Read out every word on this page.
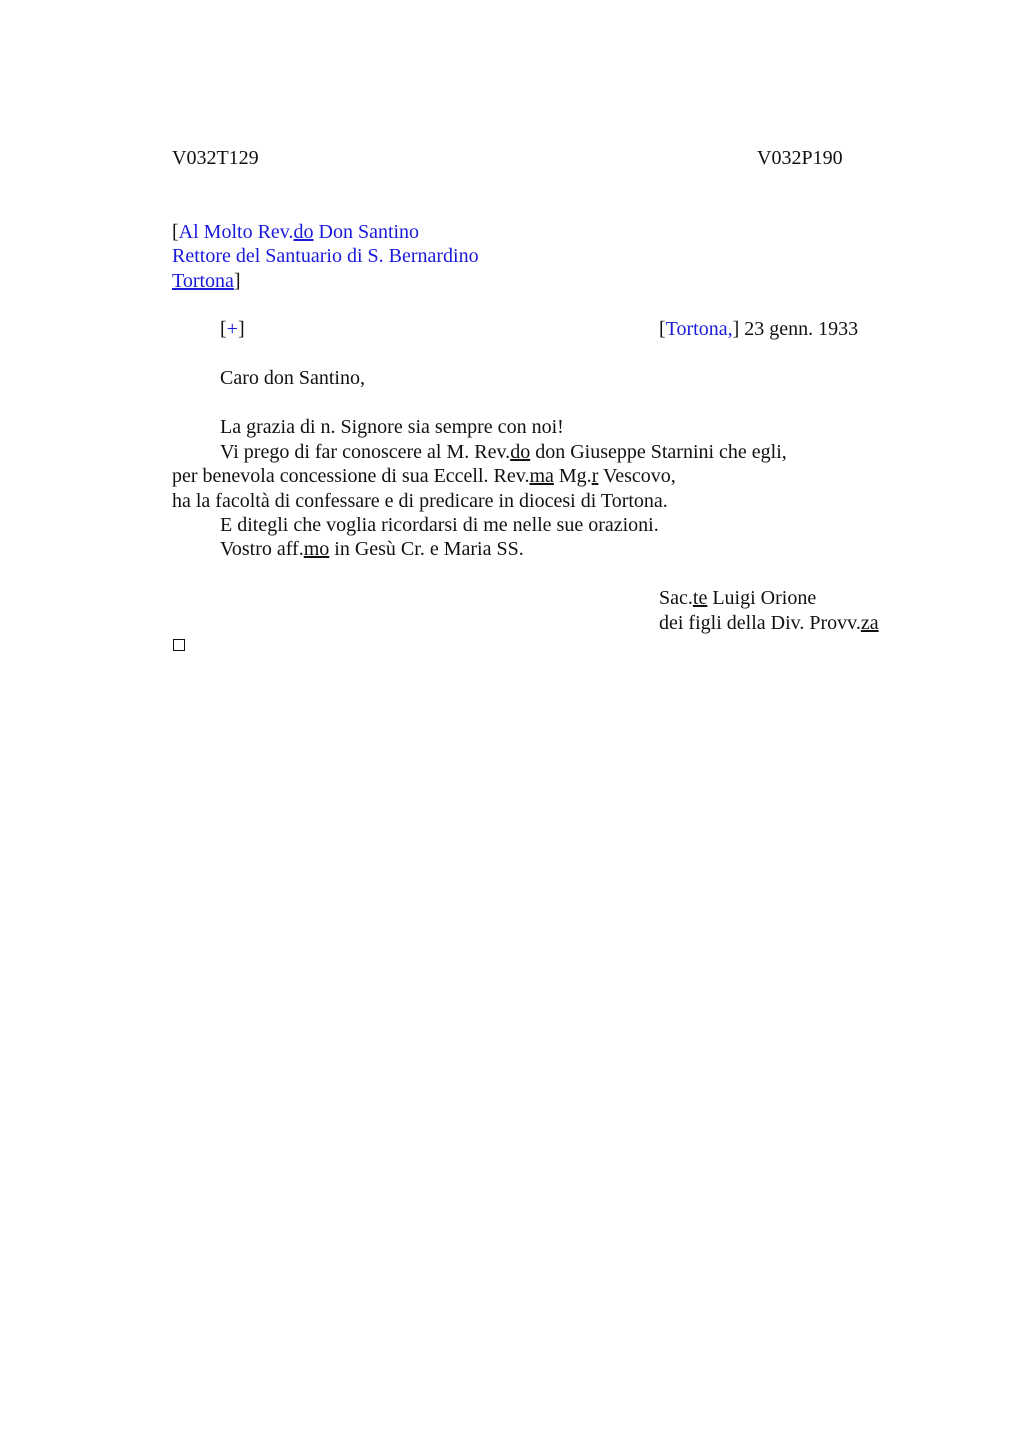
V032T129	V032P190
[Al Molto Rev.do Don Santino
Rettore del Santuario di S. Bernardino
Tortona]
[+]	[Tortona,] 23 genn. 1933
Caro don Santino,
La grazia di n. Signore sia sempre con noi!
Vi prego di far conoscere al M. Rev.do don Giuseppe Starnini che egli,
per benevola concessione di sua Eccell. Rev.ma Mg.r Vescovo,
ha la facoltà di confessare e di predicare in diocesi di Tortona.
E ditegli che voglia ricordarsi di me nelle sue orazioni.
Vostro aff.mo in Gesù Cr. e Maria SS.
Sac.te Luigi Orione
dei figli della Div. Provv.za
